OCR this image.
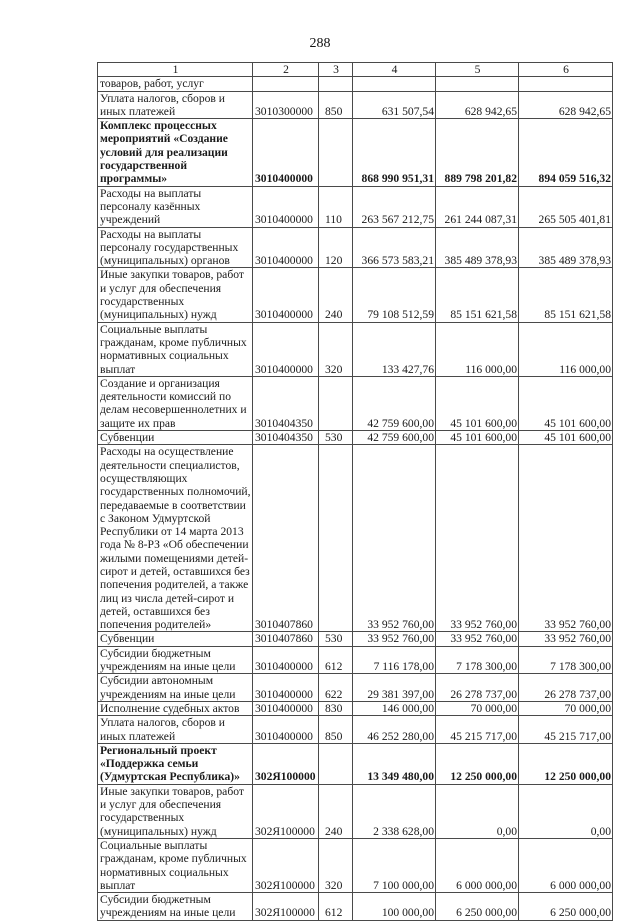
288
1	2	3	4	5	6
товаров, работ, услуг					
Уплата налогов, сборов и иных платежей	3010300000	850	631 507,54	628 942,65	628 942,65
Комплекс процессных мероприятий «Создание условий для реализации государственной программы»	3010400000		868 990 951,31	889 798 201,82	894 059 516,32
Расходы на выплаты персоналу казённых учреждений	3010400000	110	263 567 212,75	261 244 087,31	265 505 401,81
Расходы на выплаты персоналу государственных (муниципальных) органов	3010400000	120	366 573 583,21	385 489 378,93	385 489 378,93
Иные закупки товаров, работ и услуг для обеспечения государственных (муниципальных) нужд	3010400000	240	79 108 512,59	85 151 621,58	85 151 621,58
Социальные выплаты гражданам, кроме публичных нормативных социальных выплат	3010400000	320	133 427,76	116 000,00	116 000,00
Создание и организация деятельности комиссий по делам несовершеннолетних и защите их прав	3010404350		42 759 600,00	45 101 600,00	45 101 600,00
Субвенции	3010404350	530	42 759 600,00	45 101 600,00	45 101 600,00
Расходы на осуществление деятельности специалистов, осуществляющих государственных полномочий, передаваемые в соответствии с Законом Удмуртской Республики от 14 марта 2013 года № 8-РЗ «Об обеспечении жилыми помещениями детей-сирот и детей, оставшихся без попечения родителей, а также лиц из числа детей-сирот и детей, оставшихся без попечения родителей»	3010407860		33 952 760,00	33 952 760,00	33 952 760,00
Субвенции	3010407860	530	33 952 760,00	33 952 760,00	33 952 760,00
Субсидии бюджетным учреждениям на иные цели	3010400000	612	7 116 178,00	7 178 300,00	7 178 300,00
Субсидии автономным учреждениям на иные цели	3010400000	622	29 381 397,00	26 278 737,00	26 278 737,00
Исполнение судебных актов	3010400000	830	146 000,00	70 000,00	70 000,00
Уплата налогов, сборов и иных платежей	3010400000	850	46 252 280,00	45 215 717,00	45 215 717,00
Региональный проект «Поддержка семьи (Удмуртская Республика)»	302Я100000		13 349 480,00	12 250 000,00	12 250 000,00
Иные закупки товаров, работ и услуг для обеспечения государственных (муниципальных) нужд	302Я100000	240	2 338 628,00	0,00	0,00
Социальные выплаты гражданам, кроме публичных нормативных социальных выплат	302Я100000	320	7 100 000,00	6 000 000,00	6 000 000,00
Субсидии бюджетным учреждениям на иные цели	302Я100000	612	100 000,00	6 250 000,00	6 250 000,00
